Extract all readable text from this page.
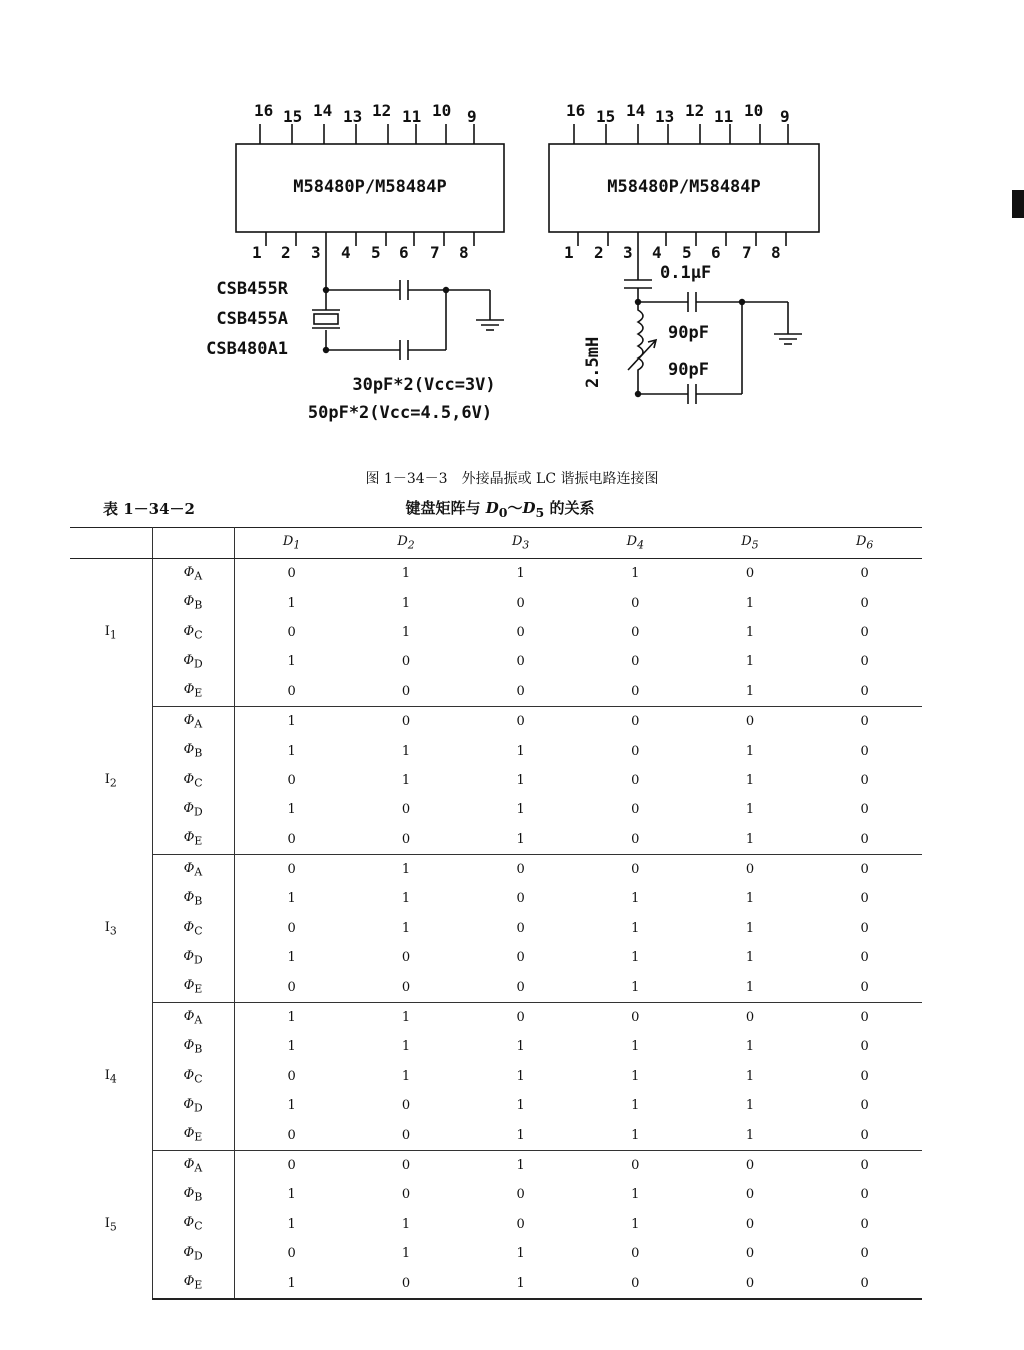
M58480P/M58484P	M58480P/M58484P
16 15 14 13 12 11 10 9
1 2 3 4 5 6 7 8
16 15 14 13 12 11 10 9
1 2 3 4 5 6 7 8
CSB455R
CSB455A
CSB480A1
30pF*2(Vcc=3V)
50pF*2(Vcc=4.5,6V)
0.1μF
90pF
90pF
2.5mH
图 1－34－3　外接晶振或 LC 谐振电路连接图
表 1－34－2	键盘矩阵与 $D_0\sim D_5$ 的关系
		$D_1$	$D_2$	$D_3$	$D_4$	$D_5$	$D_6$
$I_1$	$\Phi_A$	0	1	1	1	0	0
	$\Phi_B$	1	1	0	0	1	0
	$\Phi_C$	0	1	0	0	1	0
	$\Phi_D$	1	0	0	0	1	0
	$\Phi_E$	0	0	0	0	1	0
$I_2$	$\Phi_A$	1	0	0	0	0	0
	$\Phi_B$	1	1	1	0	1	0
	$\Phi_C$	0	1	1	0	1	0
	$\Phi_D$	1	0	1	0	1	0
	$\Phi_E$	0	0	1	0	1	0
$I_3$	$\Phi_A$	0	1	0	0	0	0
	$\Phi_B$	1	1	0	1	1	0
	$\Phi_C$	0	1	0	1	1	0
	$\Phi_D$	1	0	0	1	1	0
	$\Phi_E$	0	0	0	1	1	0
$I_4$	$\Phi_A$	1	1	0	0	0	0
	$\Phi_B$	1	1	1	1	1	0
	$\Phi_C$	0	1	1	1	1	0
	$\Phi_D$	1	0	1	1	1	0
	$\Phi_E$	0	0	1	1	1	0
$I_5$	$\Phi_A$	0	0	1	0	0	0
	$\Phi_B$	1	0	0	1	0	0
	$\Phi_C$	1	1	0	1	0	0
	$\Phi_D$	0	1	1	0	0	0
	$\Phi_E$	1	0	1	0	0	0
